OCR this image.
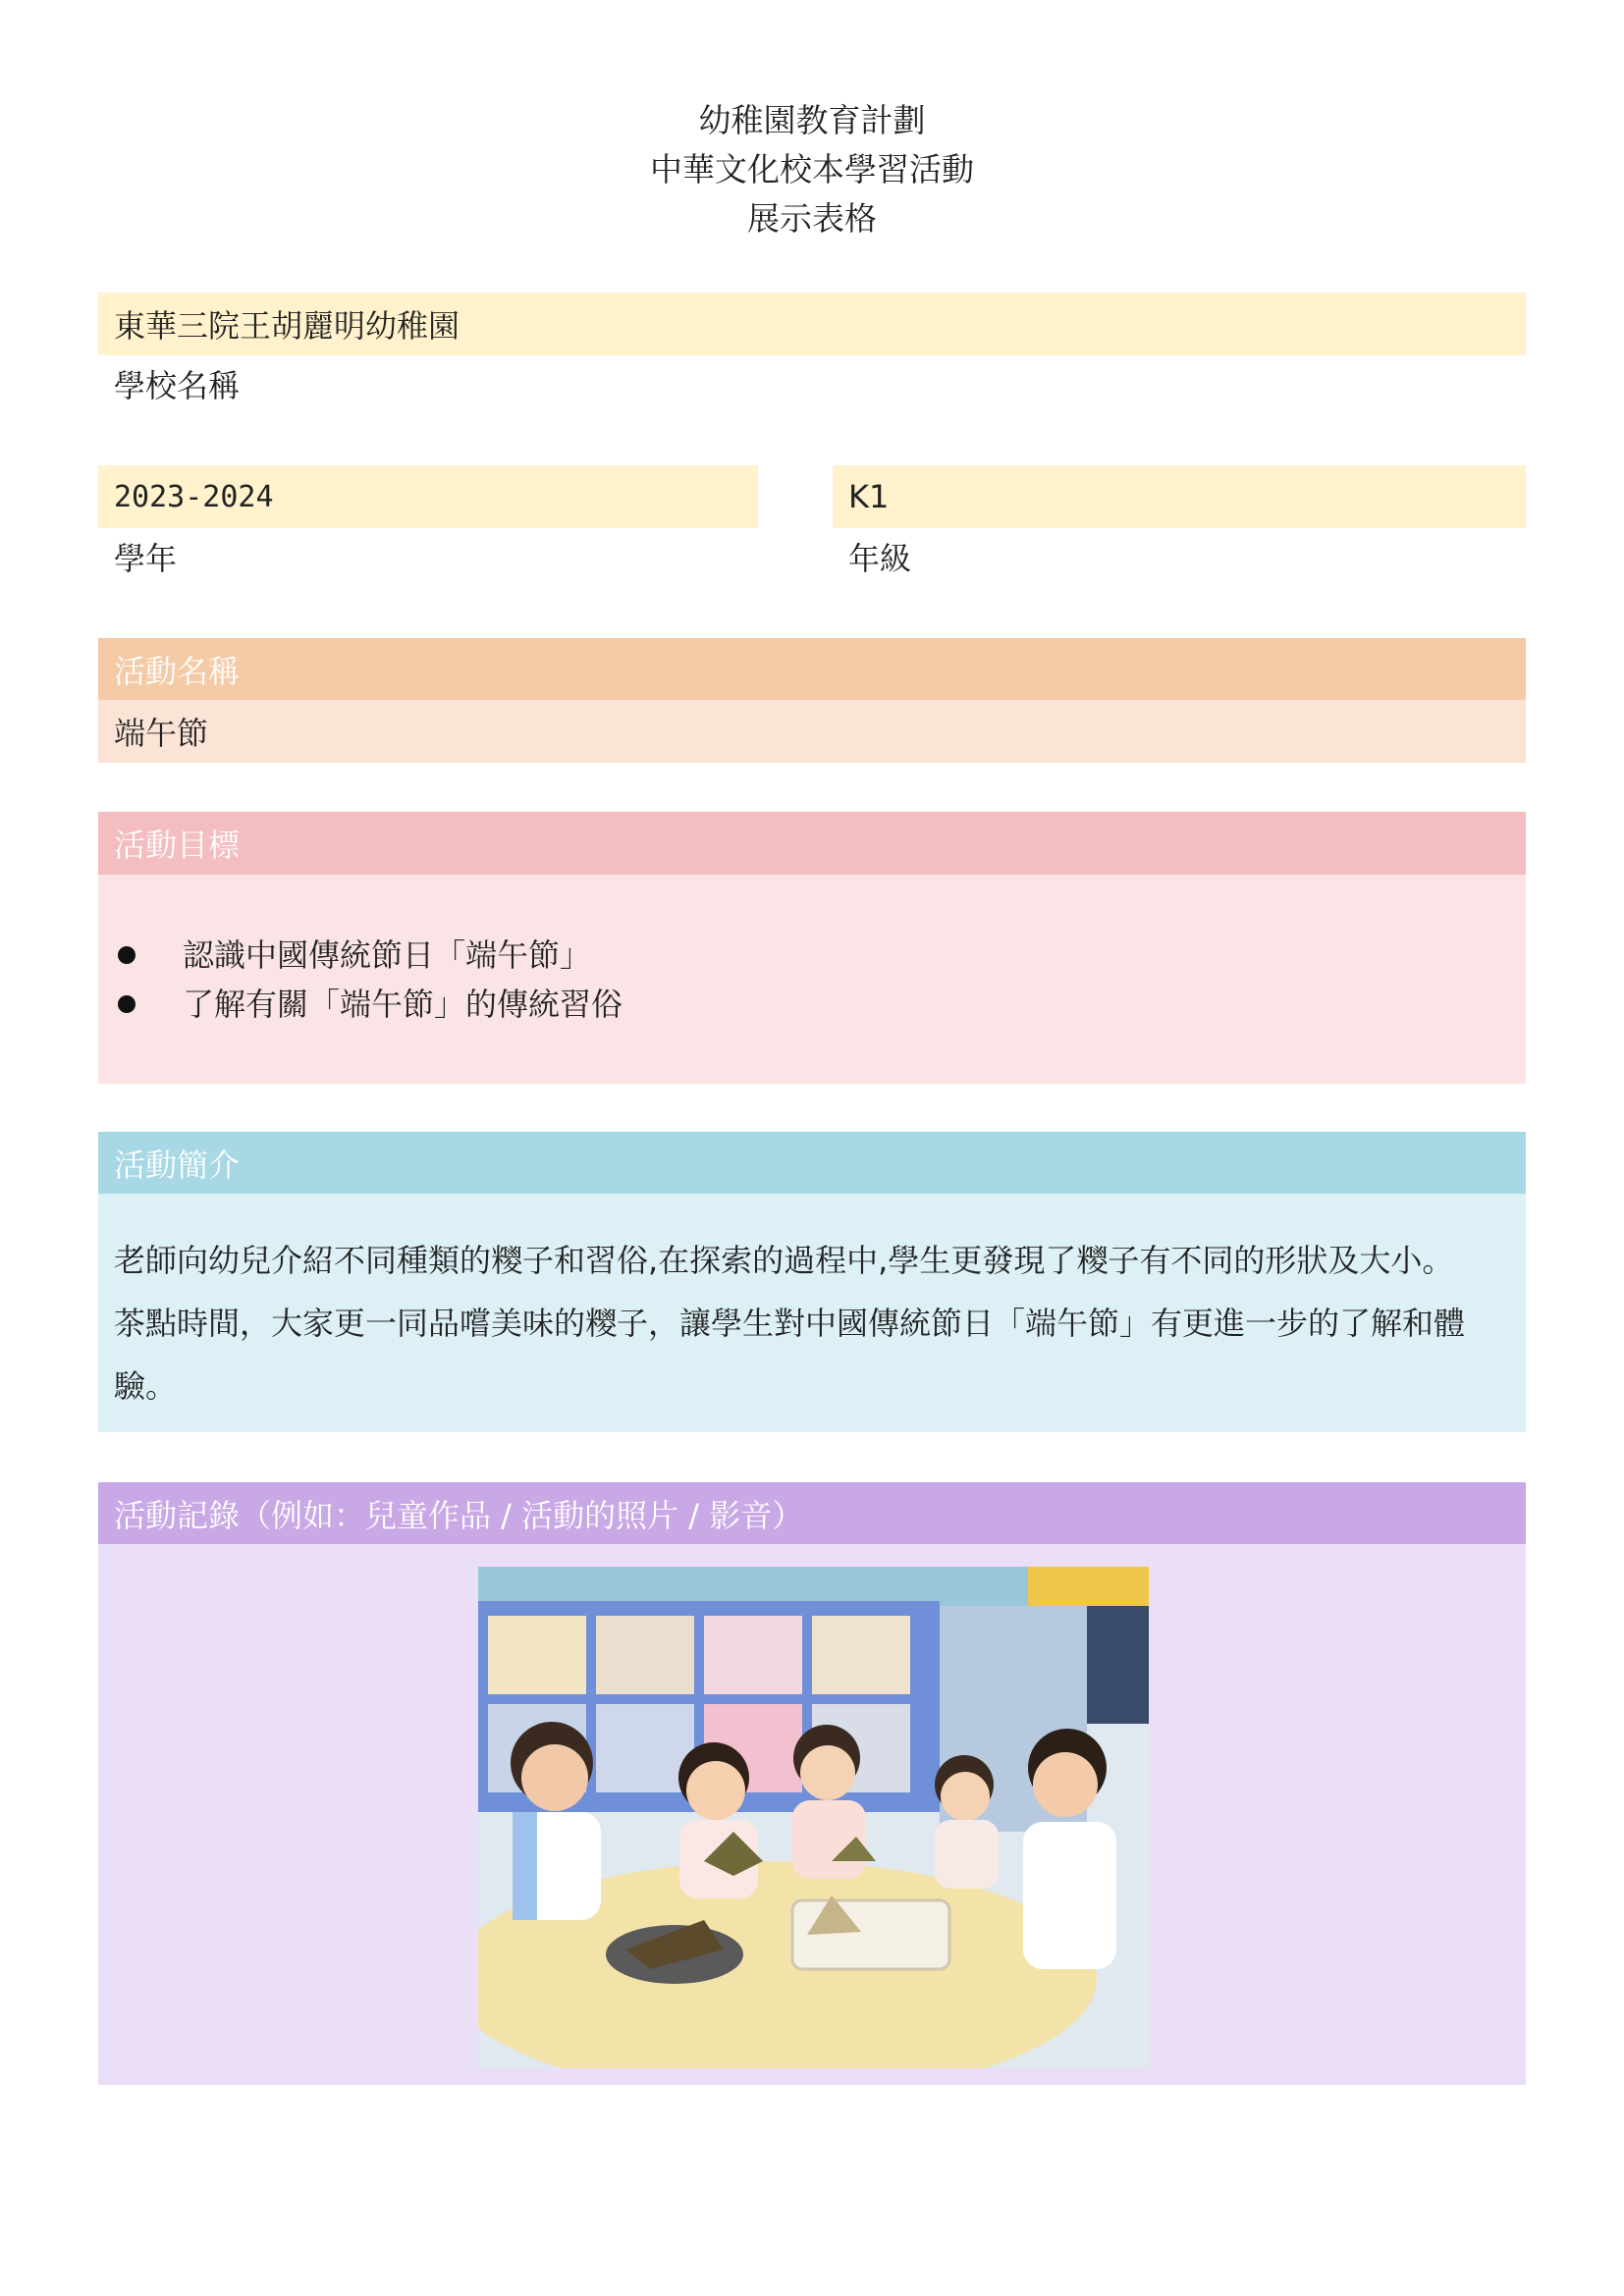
幼稚園教育計劃
中華文化校本學習活動
展示表格
東華三院王胡麗明幼稚園
學校名稱
2023-2024
學年
K1
年級
活動名稱
端午節
活動目標
認識中國傳統節日「端午節」
了解有關「端午節」的傳統習俗
活動簡介
老師向幼兒介紹不同種類的糭子和習俗,在探索的過程中,學生更發現了糭子有不同的形狀及大小。
茶點時間，大家更一同品嚐美味的糭子，讓學生對中國傳統節日「端午節」有更進一步的了解和體
驗。
活動記錄（例如：兒童作品 / 活動的照片 / 影音）
